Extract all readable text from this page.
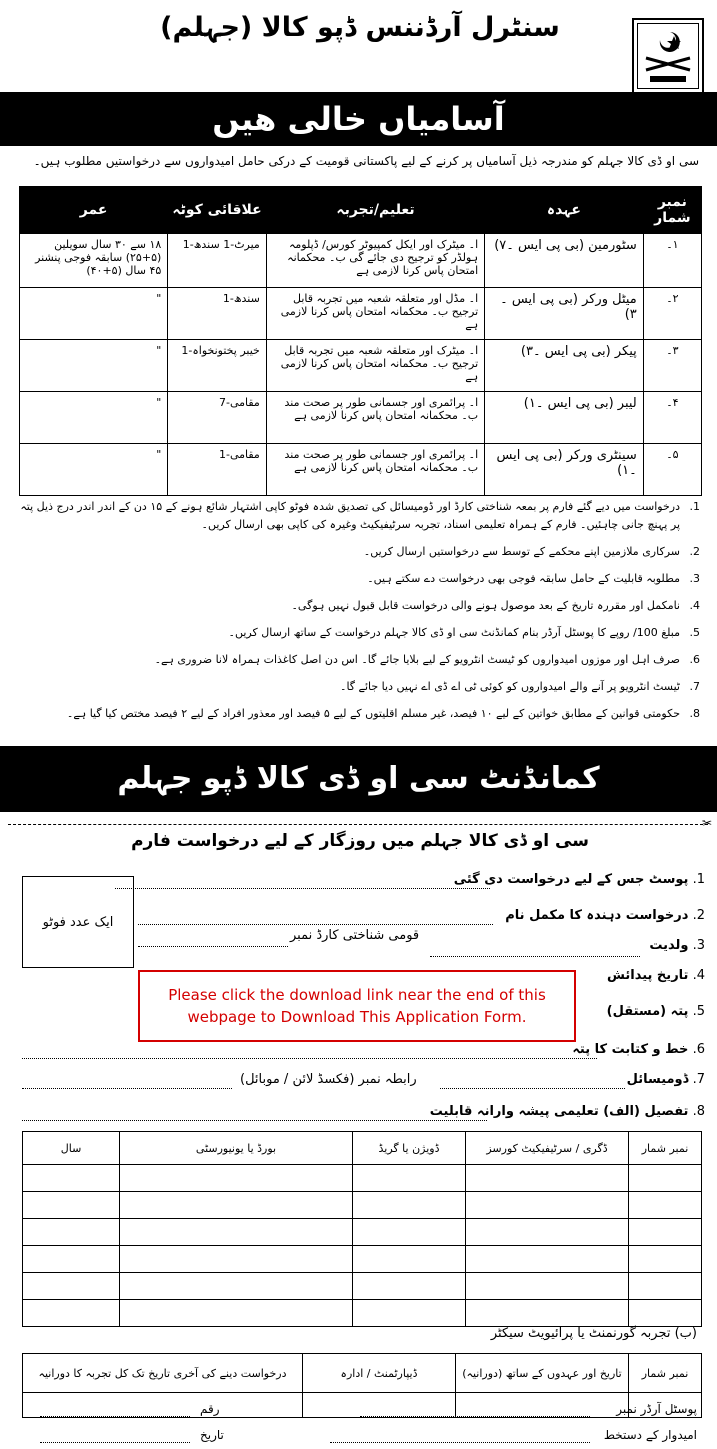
سنٹرل آرڈننس ڈپو کالا (جہلم)
آسامیاں خالی ھیں
سی او ڈی کالا جہلم کو مندرجہ ذیل آسامیاں پر کرنے کے لیے پاکستانی قومیت کے درکی حامل امیدواروں سے درخواستیں مطلوب ہیں۔
نمبر شمار	عہدہ	تعلیم/تجربہ	علاقائی کوٹہ	عمر
۱۔	سٹورمین (بی پی ایس ۔۷)	ا۔ میٹرک اور ایکل کمپیوٹر کورس/ ڈپلومہ ہولڈر کو ترجیح دی جائے گی ب۔ محکمانہ امتحان پاس کرنا لازمی ہے	میرٹ-1 سندھ-1	۱۸ سے ۳۰ سال سویلین (۵+۲۵) سابقہ فوجی پنشنر ۴۵ سال (۵+۴۰)
۲۔	میٹل ورکر (بی پی ایس ۔۳)	ا۔ مڈل اور متعلقہ شعبہ میں تجربہ قابل ترجیح ب۔ محکمانہ امتحان پاس کرنا لازمی ہے	سندھ-1	"
۳۔	پیکر (بی پی ایس ۔۳)	ا۔ میٹرک اور متعلقہ شعبہ میں تجربہ قابل ترجیح ب۔ محکمانہ امتحان پاس کرنا لازمی ہے	خیبر پختونخواہ-1	"
۴۔	لیبر (بی پی ایس ۔۱)	ا۔ پرائمری اور جسمانی طور پر صحت مند ب۔ محکمانہ امتحان پاس کرنا لازمی ہے	مقامی-7	"
۵۔	سینٹری ورکر (بی پی ایس ۔۱)	ا۔ پرائمری اور جسمانی طور پر صحت مند ب۔ محکمانہ امتحان پاس کرنا لازمی ہے	مقامی-1	"
1.
درخواست میں دیے گئے فارم پر بمعہ شناختی کارڈ اور ڈومیسائل کی تصدیق شدہ فوٹو کاپی اشتہار شائع ہونے کے ۱۵ دن کے اندر اندر درج ذیل پتہ پر پہنچ جانی چاہئیں۔ فارم کے ہمراہ تعلیمی اسناد، تجربہ سرٹیفیکیٹ وغیرہ کی کاپی بھی ارسال کریں۔
2.
سرکاری ملازمین اپنے محکمے کے توسط سے درخواستیں ارسال کریں۔
3.
مطلوبہ قابلیت کے حامل سابقہ فوجی بھی درخواست دے سکتے ہیں۔
4.
نامکمل اور مقررہ تاریخ کے بعد موصول ہونے والی درخواست قابل قبول نہیں ہوگی۔
5.
مبلغ 100/ روپے کا پوسٹل آرڈر بنام کمانڈنٹ سی او ڈی کالا جہلم درخواست کے ساتھ ارسال کریں۔
6.
صرف اہل اور موزوں امیدواروں کو ٹیسٹ انٹرویو کے لیے بلایا جائے گا۔ اس دن اصل کاغذات ہمراہ لانا ضروری ہے۔
7.
ٹیسٹ انٹرویو پر آنے والے امیدواروں کو کوئی ٹی اے ڈی اے نہیں دیا جائے گا۔
8.
حکومتی قوانین کے مطابق خواتین کے لیے ۱۰ فیصد، غیر مسلم اقلیتوں کے لیے ۵ فیصد اور معذور افراد کے لیے ۲ فیصد مختص کیا گیا ہے۔
کمانڈنٹ سی او ڈی کالا ڈپو جہلم
✂
سی او ڈی کالا جہلم میں روزگار کے لیے درخواست فارم
ایک عدد فوٹو
1. پوسٹ جس کے لیے درخواست دی گئی
2. درخواست دہندہ کا مکمل نام
3. ولدیت
قومی شناختی کارڈ نمبر
4. تاریخ پیدائش
5. پتہ (مستقل)
Please click the download link near the end of this webpage to Download This Application Form.
6. خط و کتابت کا پتہ
7. ڈومیسائل
رابطہ نمبر (فکسڈ لائن / موبائل)
8. تفصیل (الف) تعلیمی پیشہ وارانہ قابلیت
نمبر شمار	ڈگری / سرٹیفیکیٹ کورسز	ڈویژن یا گریڈ	بورڈ یا یونیورسٹی	سال

(ب) تجربہ گورنمنٹ یا پرائیویٹ سیکٹر
نمبر شمار	تاریخ اور عہدوں کے ساتھ (دورانیہ)	ڈیپارٹمنٹ / ادارہ	درخواست دینے کی آخری تاریخ تک کل تجربہ کا دورانیہ

پوسٹل آرڈر نمبر
رقم
امیدوار کے دستخط
تاریخ
